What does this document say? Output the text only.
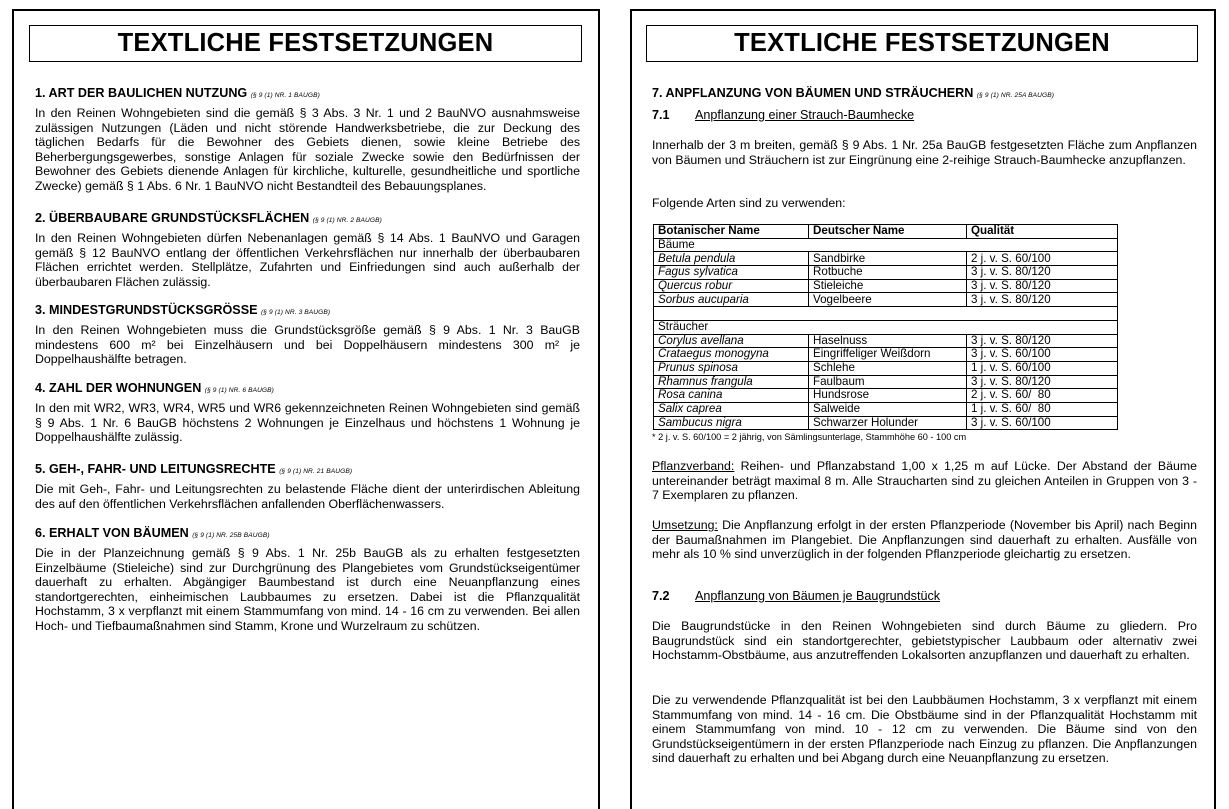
TEXTLICHE FESTSETZUNGEN

1. ART DER BAULICHEN NUTZUNG (§ 9 (1) NR. 1 BAUGB)

In den Reinen Wohngebieten sind die gemäß § 3 Abs. 3 Nr. 1 und 2 BauNVO ausnahmsweise zulässigen Nutzungen (Läden und nicht störende Handwerksbetriebe, die zur Deckung des täglichen Bedarfs für die Bewohner des Gebiets dienen, sowie kleine Betriebe des Beherbergungsgewerbes, sonstige Anlagen für soziale Zwecke sowie den Bedürfnissen der Bewohner des Gebiets dienende Anlagen für kirchliche, kulturelle, gesundheitliche und sportliche Zwecke) gemäß § 1 Abs. 6 Nr. 1 BauNVO nicht Bestandteil des Bebauungsplanes.

2. ÜBERBAUBARE GRUNDSTÜCKSFLÄCHEN (§ 9 (1) NR. 2 BAUGB)

In den Reinen Wohngebieten dürfen Nebenanlagen gemäß § 14 Abs. 1 BauNVO und Garagen gemäß § 12 BauNVO entlang der öffentlichen Verkehrsflächen nur innerhalb der überbaubaren Flächen errichtet werden. Stellplätze, Zufahrten und Einfriedungen sind auch außerhalb der überbaubaren Flächen zulässig.

3. MINDESTGRUNDSTÜCKSGRÖSSE (§ 9 (1) NR. 3 BAUGB)

In den Reinen Wohngebieten muss die Grundstücksgröße gemäß § 9 Abs. 1 Nr. 3 BauGB mindestens 600 m² bei Einzelhäusern und bei Doppelhäusern mindestens 300 m² je Doppelhaushälfte betragen.

4. ZAHL DER WOHNUNGEN (§ 9 (1) NR. 6 BAUGB)

In den mit WR2, WR3, WR4, WR5 und WR6 gekennzeichneten Reinen Wohngebieten sind gemäß § 9 Abs. 1 Nr. 6 BauGB höchstens 2 Wohnungen je Einzelhaus und höchstens 1 Wohnung je Doppelhaushälfte zulässig.

5. GEH-, FAHR- UND LEITUNGSRECHTE (§ 9 (1) NR. 21 BAUGB)

Die mit Geh-, Fahr- und Leitungsrechten zu belastende Fläche dient der unterirdischen Ableitung des auf den öffentlichen Verkehrsflächen anfallenden Oberflächenwassers.

6. ERHALT VON BÄUMEN (§ 9 (1) NR. 25B BAUGB)

Die in der Planzeichnung gemäß § 9 Abs. 1 Nr. 25b BauGB als zu erhalten festgesetzten Einzelbäume (Stieleiche) sind zur Durchgrünung des Plangebietes vom Grundstückseigentümer dauerhaft zu erhalten. Abgängiger Baumbestand ist durch eine Neuanpflanzung eines standortgerechten, einheimischen Laubbaumes zu ersetzen. Dabei ist die Pflanzqualität Hochstamm, 3 x verpflanzt mit einem Stammumfang von mind. 14 - 16 cm zu verwenden. Bei allen Hoch- und Tiefbaumaßnahmen sind Stamm, Krone und Wurzelraum zu schützen.

TEXTLICHE FESTSETZUNGEN

7. ANPFLANZUNG VON BÄUMEN UND STRÄUCHERN (§ 9 (1) NR. 25A BAUGB)

7.1 Anpflanzung einer Strauch-Baumhecke

Innerhalb der 3 m breiten, gemäß § 9 Abs. 1 Nr. 25a BauGB festgesetzten Fläche zum Anpflanzen von Bäumen und Sträuchern ist zur Eingrünung eine 2-reihige Strauch-Baumhecke anzupflanzen.

Folgende Arten sind zu verwenden:

Botanischer Name	Deutscher Name	Qualität
Bäume		
Betula pendula	Sandbirke	2 j. v. S. 60/100
Fagus sylvatica	Rotbuche	3 j. v. S. 80/120
Quercus robur	Stieleiche	3 j. v. S. 80/120
Sorbus aucuparia	Vogelbeere	3 j. v. S. 80/120

Sträucher		
Corylus avellana	Haselnuss	3 j. v. S. 80/120
Crataegus monogyna	Eingriffeliger Weißdorn	3 j. v. S. 60/100
Prunus spinosa	Schlehe	1 j. v. S. 60/100
Rhamnus frangula	Faulbaum	3 j. v. S. 80/120
Rosa canina	Hundsrose	2 j. v. S. 60/  80
Salix caprea	Salweide	1 j. v. S. 60/  80
Sambucus nigra	Schwarzer Holunder	3 j. v. S. 60/100
* 2 j. v. S. 60/100 = 2 jährig, von Sämlingsunterlage, Stammhöhe 60 - 100 cm

Pflanzverband: Reihen- und Pflanzabstand 1,00 x 1,25 m auf Lücke. Der Abstand der Bäume untereinander beträgt maximal 8 m. Alle Straucharten sind zu gleichen Anteilen in Gruppen von 3 - 7 Exemplaren zu pflanzen.

Umsetzung: Die Anpflanzung erfolgt in der ersten Pflanzperiode (November bis April) nach Beginn der Baumaßnahmen im Plangebiet. Die Anpflanzungen sind dauerhaft zu erhalten. Ausfälle von mehr als 10 % sind unverzüglich in der folgenden Pflanzperiode gleichartig zu ersetzen.

7.2 Anpflanzung von Bäumen je Baugrundstück

Die Baugrundstücke in den Reinen Wohngebieten sind durch Bäume zu gliedern. Pro Baugrundstück sind ein standortgerechter, gebietstypischer Laubbaum oder alternativ zwei Hochstamm-Obstbäume, aus anzutreffenden Lokalsorten anzupflanzen und dauerhaft zu erhalten.

Die zu verwendende Pflanzqualität ist bei den Laubbäumen Hochstamm, 3 x verpflanzt mit einem Stammumfang von mind. 14 - 16 cm. Die Obstbäume sind in der Pflanzqualität Hochstamm mit einem Stammumfang von mind. 10 - 12 cm zu verwenden. Die Bäume sind von den Grundstückseigentümern in der ersten Pflanzperiode nach Einzug zu pflanzen. Die Anpflanzungen sind dauerhaft zu erhalten und bei Abgang durch eine Neuanpflanzung zu ersetzen.
